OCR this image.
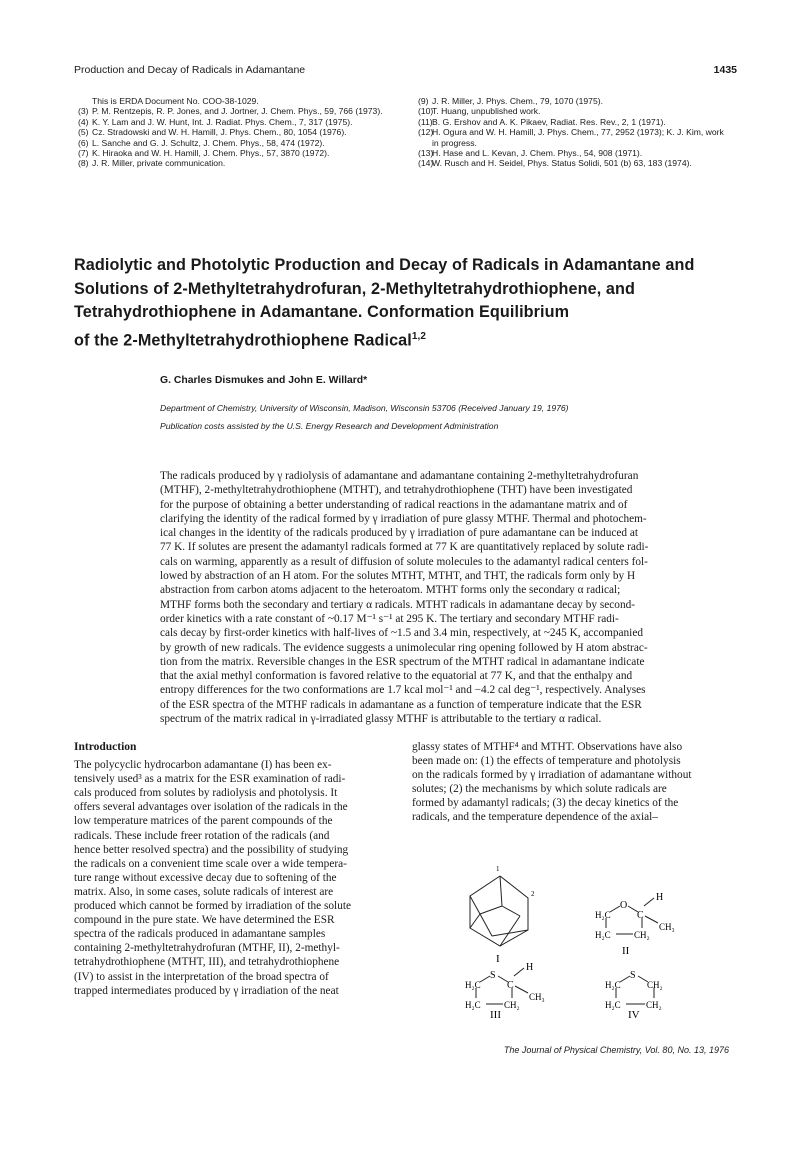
Production and Decay of Radicals in Adamantane	1435
This is ERDA Document No. COO-38-1029.
(3) P. M. Rentzepis, R. P. Jones, and J. Jortner, J. Chem. Phys., 59, 766 (1973).
(4) K. Y. Lam and J. W. Hunt, Int. J. Radiat. Phys. Chem., 7, 317 (1975).
(5) Cz. Stradowski and W. H. Hamill, J. Phys. Chem., 80, 1054 (1976).
(6) L. Sanche and G. J. Schultz, J. Chem. Phys., 58, 474 (1972).
(7) K. Hiraoka and W. H. Hamill, J. Chem. Phys., 57, 3870 (1972).
(8) J. R. Miller, private communication.
(9) J. R. Miller, J. Phys. Chem., 79, 1070 (1975).
(10)
T. Huang, unpublished work.
(11) B. G. Ershov and A. K. Pikaev, Radiat. Res. Rev., 2, 1 (1971).
(12)
H. Ogura and W. H. Hamill, J. Phys. Chem., 77, 2952 (1973); K. J. Kim, work
in progress.
(13)
H. Hase and L. Kevan, J. Chem. Phys., 54, 908 (1971).
(14)
W. Rusch and H. Seidel, Phys. Status Solidi, 501 (b) 63, 183 (1974).
Radiolytic and Photolytic Production and Decay of Radicals in Adamantane and
Solutions of 2-Methyltetrahydrofuran, 2-Methyltetrahydrothiophene, and
Tetrahydrothiophene in Adamantane. Conformation Equilibrium
of the 2-Methyltetrahydrothiophene Radical$^{1,2}$
G. Charles Dismukes and John E. Willard*
Department of Chemistry, University of Wisconsin, Madison, Wisconsin 53706 (Received January 19, 1976)
Publication costs assisted by the U.S. Energy Research and Development Administration
The radicals produced by γ radiolysis of adamantane and adamantane containing 2-methyltetrahydrofuran
(MTHF), 2-methyltetrahydrothiophene (MTHT), and tetrahydrothiophene (THT) have been investigated
for the purpose of obtaining a better understanding of radical reactions in the adamantane matrix and of
clarifying the identity of the radical formed by γ irradiation of pure glassy MTHF. Thermal and photochem-
ical changes in the identity of the radicals produced by γ irradiation of pure adamantane can be induced at
77 K. If solutes are present the adamantyl radicals formed at 77 K are quantitatively replaced by solute radi-
cals on warming, apparently as a result of diffusion of solute molecules to the adamantyl radical centers fol-
lowed by abstraction of an H atom. For the solutes MTHT, MTHT, and THT, the radicals form only by H
abstraction from carbon atoms adjacent to the heteroatom. MTHT forms only the secondary α radical;
MTHF forms both the secondary and tertiary α radicals. MTHT radicals in adamantane decay by second-
order kinetics with a rate constant of ~0.17 M⁻¹ s⁻¹ at 295 K. The tertiary and secondary MTHF radi-
cals decay by first-order kinetics with half-lives of ~1.5 and 3.4 min, respectively, at ~245 K, accompanied
by growth of new radicals. The evidence suggests a unimolecular ring opening followed by H atom abstrac-
tion from the matrix. Reversible changes in the ESR spectrum of the MTHT radical in adamantane indicate
that the axial methyl conformation is favored relative to the equatorial at 77 K, and that the enthalpy and
entropy differences for the two conformations are 1.7 kcal mol⁻¹ and −4.2 cal deg⁻¹, respectively. Analyses
of the ESR spectra of the MTHF radicals in adamantane as a function of temperature indicate that the ESR
spectrum of the matrix radical in γ-irradiated glassy MTHF is attributable to the tertiary α radical.
Introduction
The polycyclic hydrocarbon adamantane (I) has been ex-
tensively used³ as a matrix for the ESR examination of radi-
cals produced from solutes by radiolysis and photolysis. It
offers several advantages over isolation of the radicals in the
low temperature matrices of the parent compounds of the
radicals. These include freer rotation of the radicals (and
hence better resolved spectra) and the possibility of studying
the radicals on a convenient time scale over a wide tempera-
ture range without excessive decay due to softening of the
matrix. Also, in some cases, solute radicals of interest are
produced which cannot be formed by irradiation of the solute
compound in the pure state. We have determined the ESR
spectra of the radicals produced in adamantane samples
containing 2-methyltetrahydrofuran (MTHF, II), 2-methyl-
tetrahydrothiophene (MTHT, III), and tetrahydrothiophene
(IV) to assist in the interpretation of the broad spectra of
trapped intermediates produced by γ irradiation of the neat
glassy states of MTHF⁴ and MTHT. Observations have also
been made on: (1) the effects of temperature and photolysis
on the radicals formed by γ irradiation of adamantane without
solutes; (2) the mechanisms by which solute radicals are
formed by adamantyl radicals; (3) the decay kinetics of the
radicals, and the temperature dependence of the axial–
1
2
I
H
O
H₂C	C
CH₃
H₂C	CH₂
II
H
S
H₂C	C
CH₃
H₂C	CH₂
III
S
H₂C	CH₂
H₂C	CH₂
IV
The Journal of Physical Chemistry, Vol. 80, No. 13, 1976
